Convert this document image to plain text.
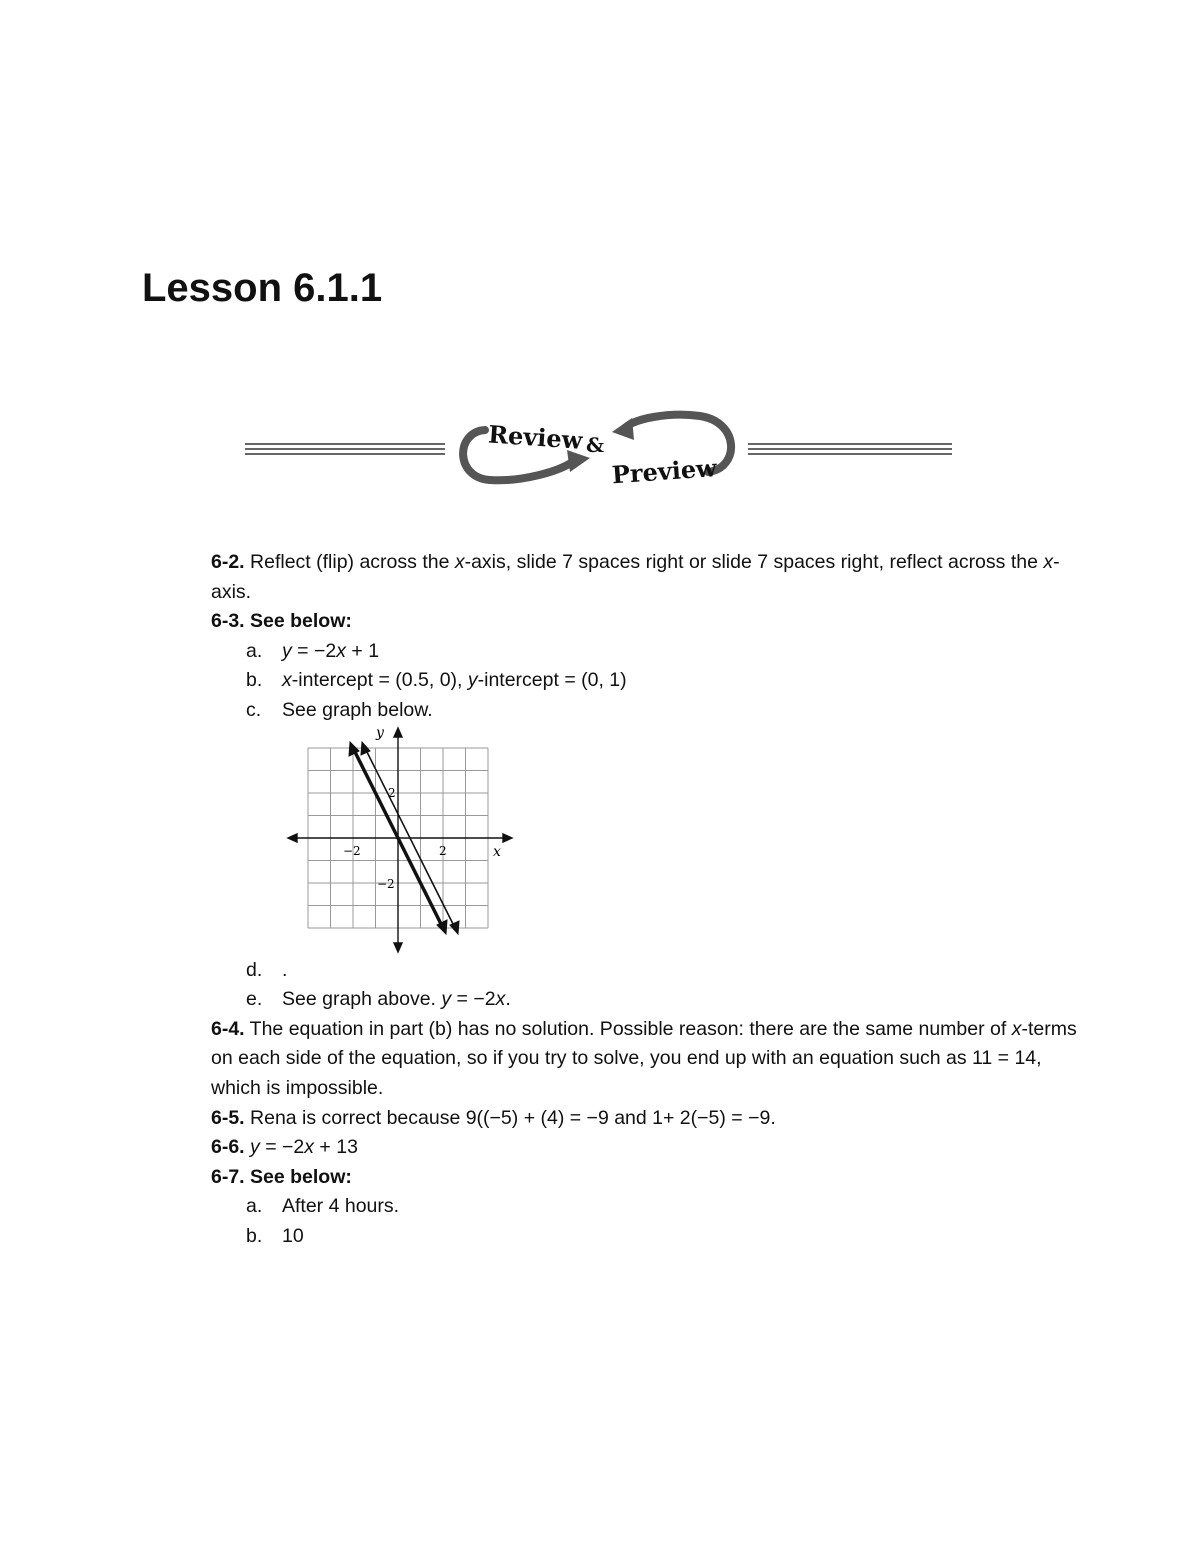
Lesson 6.1.1
Review &
Preview

6-2. Reflect (flip) across the x-axis, slide 7 spaces right or slide 7 spaces right, reflect across the x-axis.

6-3. See below:

a. y = −2x + 1

b. x-intercept = (0.5, 0), y-intercept = (0, 1)

c. See graph below.

y
x
−2	2
2
−2

d. .

e. See graph above. y = −2x.

6-4. The equation in part (b) has no solution. Possible reason: there are the same number of x-terms on each side of the equation, so if you try to solve, you end up with an equation such as 11 = 14, which is impossible.

6-5. Rena is correct because 9((−5) + (4) = −9 and 1+ 2(−5) = −9.

6-6. y = −2x + 13

6-7. See below:

a. After 4 hours.

b. 10
